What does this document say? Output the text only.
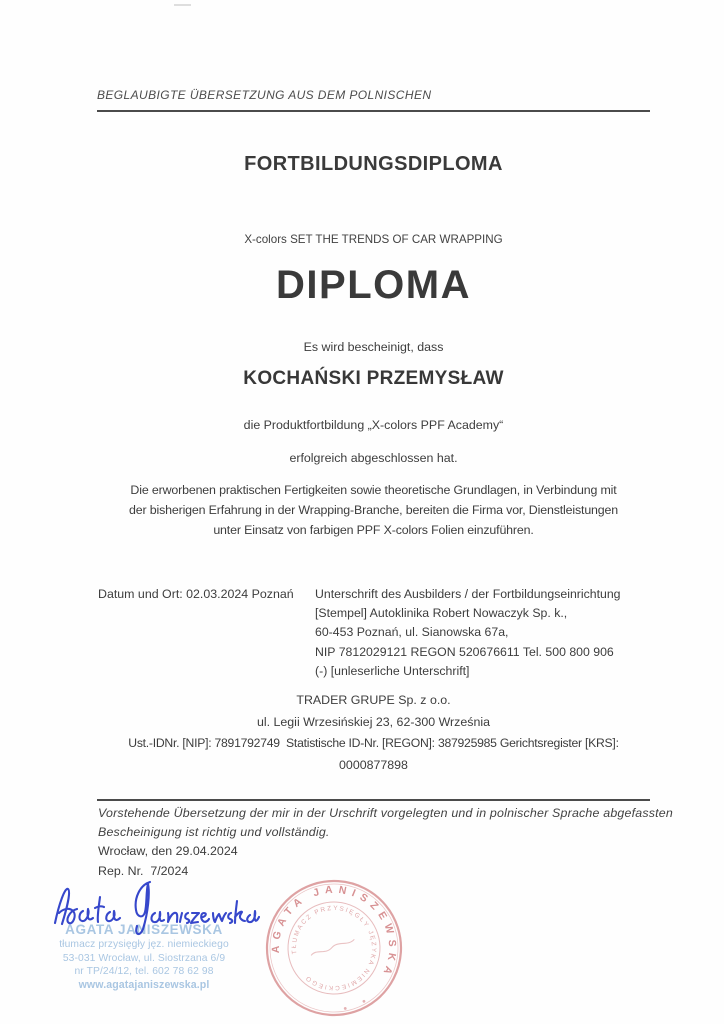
BEGLAUBIGTE ÜBERSETZUNG AUS DEM POLNISCHEN
FORTBILDUNGSDIPLOMA
X-colors SET THE TRENDS OF CAR WRAPPING
DIPLOMA
Es wird bescheinigt, dass
KOCHAŃSKI PRZEMYSŁAW
die Produktfortbildung „X-colors PPF Academy“
erfolgreich abgeschlossen hat.
Die erworbenen praktischen Fertigkeiten sowie theoretische Grundlagen, in Verbindung mit
der bisherigen Erfahrung in der Wrapping-Branche, bereiten die Firma vor, Dienstleistungen
unter Einsatz von farbigen PPF X-colors Folien einzuführen.
Datum und Ort: 02.03.2024 Poznań Unterschrift des Ausbilders / der Fortbildungseinrichtung
[Stempel] Autoklinika Robert Nowaczyk Sp. k.,
60-453 Poznań, ul. Sianowska 67a,
NIP 7812029121 REGON 520676611 Tel. 500 800 906
(-) [unleserliche Unterschrift]
TRADER GRUPE Sp. z o.o.
ul. Legii Wrzesińskiej 23, 62-300 Września
Ust.-IDNr. [NIP]: 7891792749  Statistische ID-Nr. [REGON]: 387925985 Gerichtsregister [KRS]:
0000877898
Vorstehende Übersetzung der mir in der Urschrift vorgelegten und in polnischer Sprache abgefassten
Bescheinigung ist richtig und vollständig.
Wrocław, den 29.04.2024
Rep. Nr.  7/2024
AGATA JANISZEWSKA
tłumacz przysięgły jęz. niemieckiego
53-031 Wrocław, ul. Siostrzana 6/9
nr TP/24/12, tel. 602 78 62 98
www.agatajaniszewska.pl
AGATA JANISZEWSKA
TŁUMACZ PRZYSIĘGŁY JĘZYKA NIEMIECKIEGO
